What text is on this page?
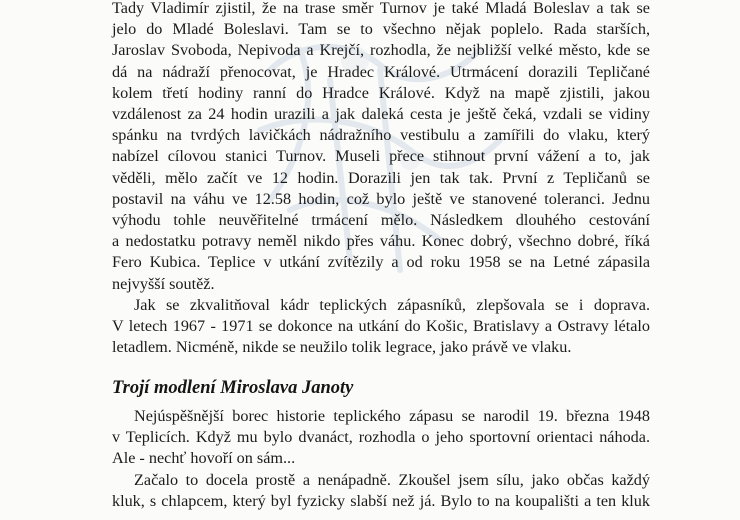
Tady Vladimír zjistil, že na trase směr Turnov je také Mladá Boleslav a tak se
jelo do Mladé Boleslavi. Tam se to všechno nějak poplelo. Rada starších,
Jaroslav Svoboda, Nepivoda a Krejčí, rozhodla, že nejbližší velké město, kde se
dá na nádraží přenocovat, je Hradec Králové. Utrmácení dorazili Tepličané
kolem třetí hodiny ranní do Hradce Králové. Když na mapě zjistili, jakou
vzdálenost za 24 hodin urazili a jak daleká cesta je ještě čeká, vzdali se vidiny
spánku na tvrdých lavičkách nádražního vestibulu a zamířili do vlaku, který
nabízel cílovou stanici Turnov. Museli přece stihnout první vážení a to, jak
věděli, mělo začít ve 12 hodin. Dorazili jen tak tak. První z Tepličanů se
postavil na váhu ve 12.58 hodin, což bylo ještě ve stanovené toleranci. Jednu
výhodu tohle neuvěřitelné trmácení mělo. Následkem dlouhého cestování
a nedostatku potravy neměl nikdo přes váhu. Konec dobrý, všechno dobré, říká
Fero Kubica. Teplice v utkání zvítězily a od roku 1958 se na Letné zápasila
nejvyšší soutěž.

Jak se zkvalitňoval kádr teplických zápasníků, zlepšovala se i doprava.
V letech 1967 - 1971 se dokonce na utkání do Košic, Bratislavy a Ostravy létalo
letadlem. Nicméně, nikde se neužilo tolik legrace, jako právě ve vlaku.

Trojí modlení Miroslava Janoty

Nejúspěšnější borec historie teplického zápasu se narodil 19. března 1948
v Teplicích. Když mu bylo dvanáct, rozhodla o jeho sportovní orientaci náhoda.
Ale - nechť hovoří on sám...

Začalo to docela prostě a nenápadně. Zkoušel jsem sílu, jako občas každý
kluk, s chlapcem, který byl fyzicky slabší než já. Bylo to na koupališti a ten kluk
